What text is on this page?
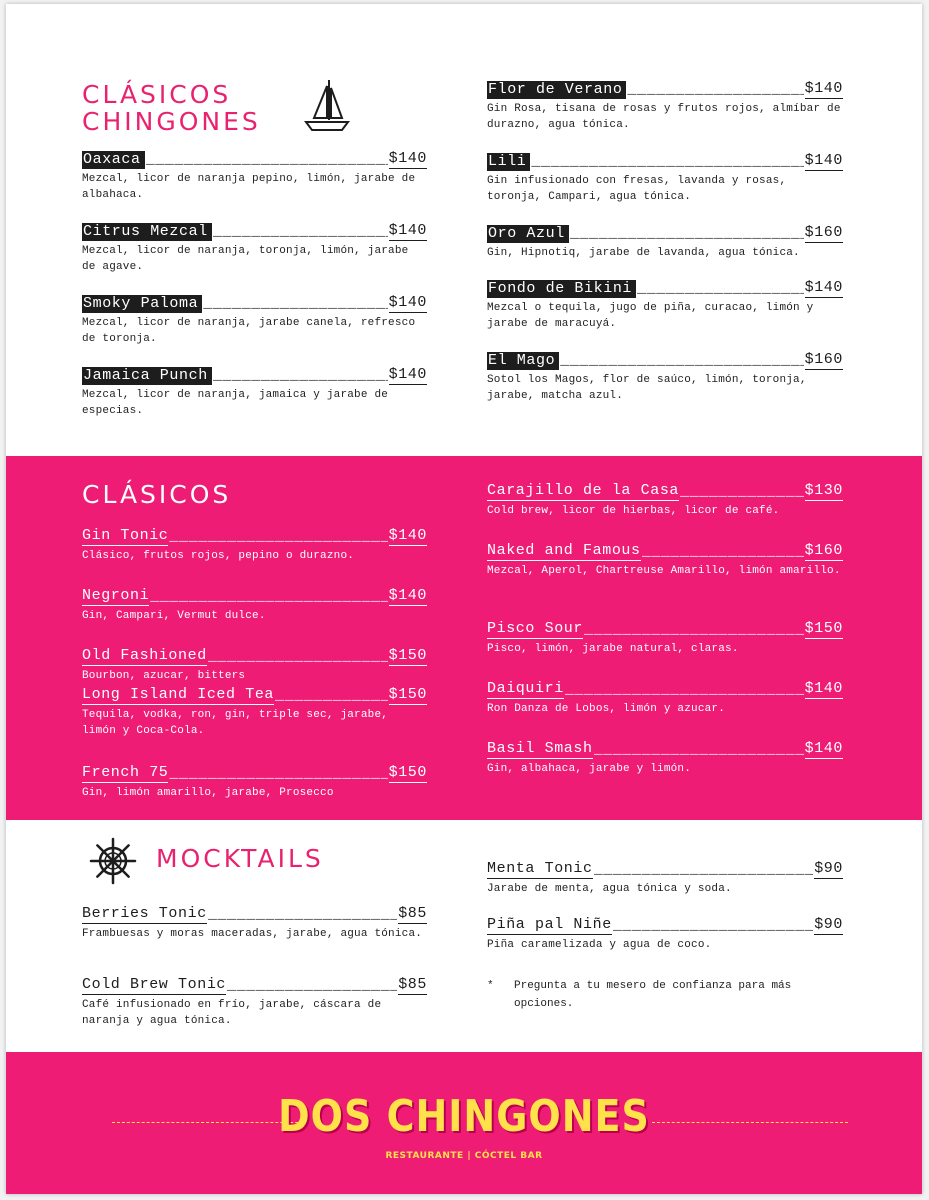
CLÁSICOS
CHINGONES
Oaxaca _____	$140
Mezcal, licor de naranja pepino, limón, jarabe de albahaca.
Citrus Mezcal _____	$140
Mezcal, licor de naranja, toronja, limón, jarabe de agave.
Smoky Paloma _____	$140
Mezcal, licor de naranja, jarabe canela, refresco de toronja.
Jamaica Punch _____	$140
Mezcal, licor de naranja, jamaica y jarabe de especias.
Flor de Verano _____	$140
Gin Rosa, tisana de rosas y frutos rojos, almíbar de durazno, agua tónica.
Lili _____	$140
Gin infusionado con fresas, lavanda y rosas, toronja, Campari, agua tónica.
Oro Azul _____	$160
Gin, Hipnotiq, jarabe de lavanda, agua tónica.
Fondo de Bikini _____	$140
Mezcal o tequila, jugo de piña, curacao, limón y jarabe de maracuyá.
El Mago _____	$160
Sotol los Magos, flor de saúco, limón, toronja, jarabe, matcha azul.
CLÁSICOS
Gin Tonic _____	$140
Clásico, frutos rojos, pepino o durazno.
Negroni _____	$140
Gin, Campari, Vermut dulce.
Old Fashioned _____	$150
Bourbon, azucar, bitters
Long Island Iced Tea _____	$150
Tequila, vodka, ron, gin, triple sec, jarabe, limón y Coca-Cola.
French 75 _____	$150
Gin, limón amarillo, jarabe, Prosecco
Carajillo de la Casa _____	$130
Cold brew, licor de hierbas, licor de café.
Naked and Famous _____	$160
Mezcal, Aperol, Chartreuse Amarillo, limón amarillo.
Pisco Sour _____	$150
Pisco, limón, jarabe natural, claras.
Daiquiri _____	$140
Ron Danza de Lobos, limón y azucar.
Basil Smash _____	$140
Gin, albahaca, jarabe y limón.
MOCKTAILS
Berries Tonic _____	$85
Frambuesas y moras maceradas, jarabe, agua tónica.
Cold Brew Tonic _____	$85
Café infusionado en frío, jarabe, cáscara de naranja y agua tónica.
Menta Tonic _____	$90
Jarabe de menta, agua tónica y soda.
Piña pal Niñe _____	$90
Piña caramelizada y agua de coco.
*	Pregunta a tu mesero de confianza para más opciones.
DOS CHINGONES
RESTAURANTE | CÓCTEL BAR
